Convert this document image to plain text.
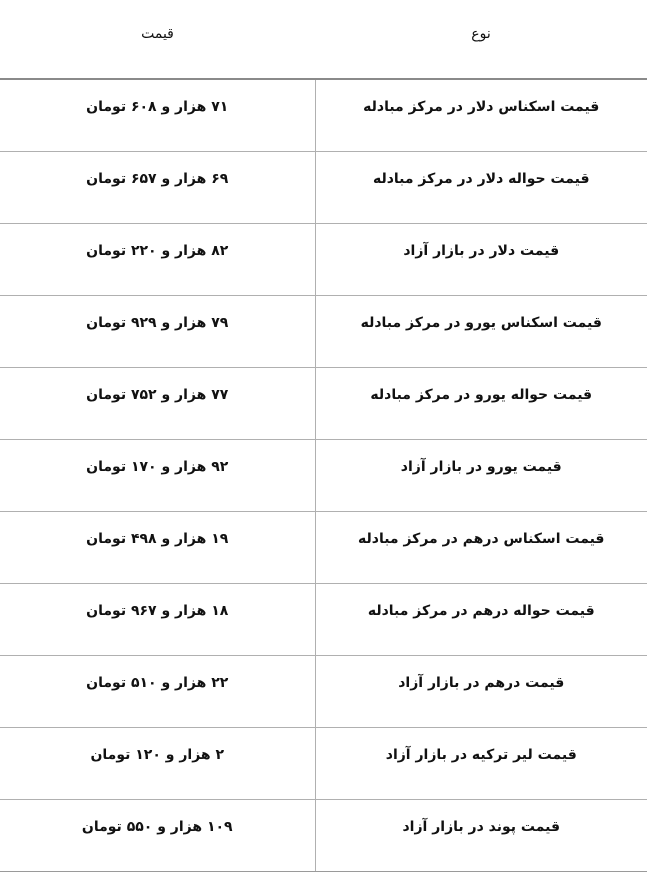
نوع	قیمت
قیمت اسکناس دلار در مرکز مبادله	۷۱ هزار و ۶۰۸ تومان
قیمت حواله دلار در مرکز مبادله	۶۹ هزار و ۶۵۷ تومان
قیمت دلار در بازار آزاد	۸۲ هزار و ۲۲۰ تومان
قیمت اسکناس یورو در مرکز مبادله	۷۹ هزار و ۹۲۹ تومان
قیمت حواله یورو در مرکز مبادله	۷۷ هزار و ۷۵۲ تومان
قیمت یورو در بازار آزاد	۹۲ هزار و ۱۷۰ تومان
قیمت اسکناس درهم در مرکز مبادله	۱۹ هزار و ۴۹۸ تومان
قیمت حواله درهم در مرکز مبادله	۱۸ هزار و ۹۶۷ تومان
قیمت درهم در بازار آزاد	۲۲ هزار و ۵۱۰ تومان
قیمت لیر ترکیه در بازار آزاد	۲ هزار و ۱۲۰ تومان
قیمت پوند در بازار آزاد	۱۰۹ هزار و ۵۵۰ تومان
